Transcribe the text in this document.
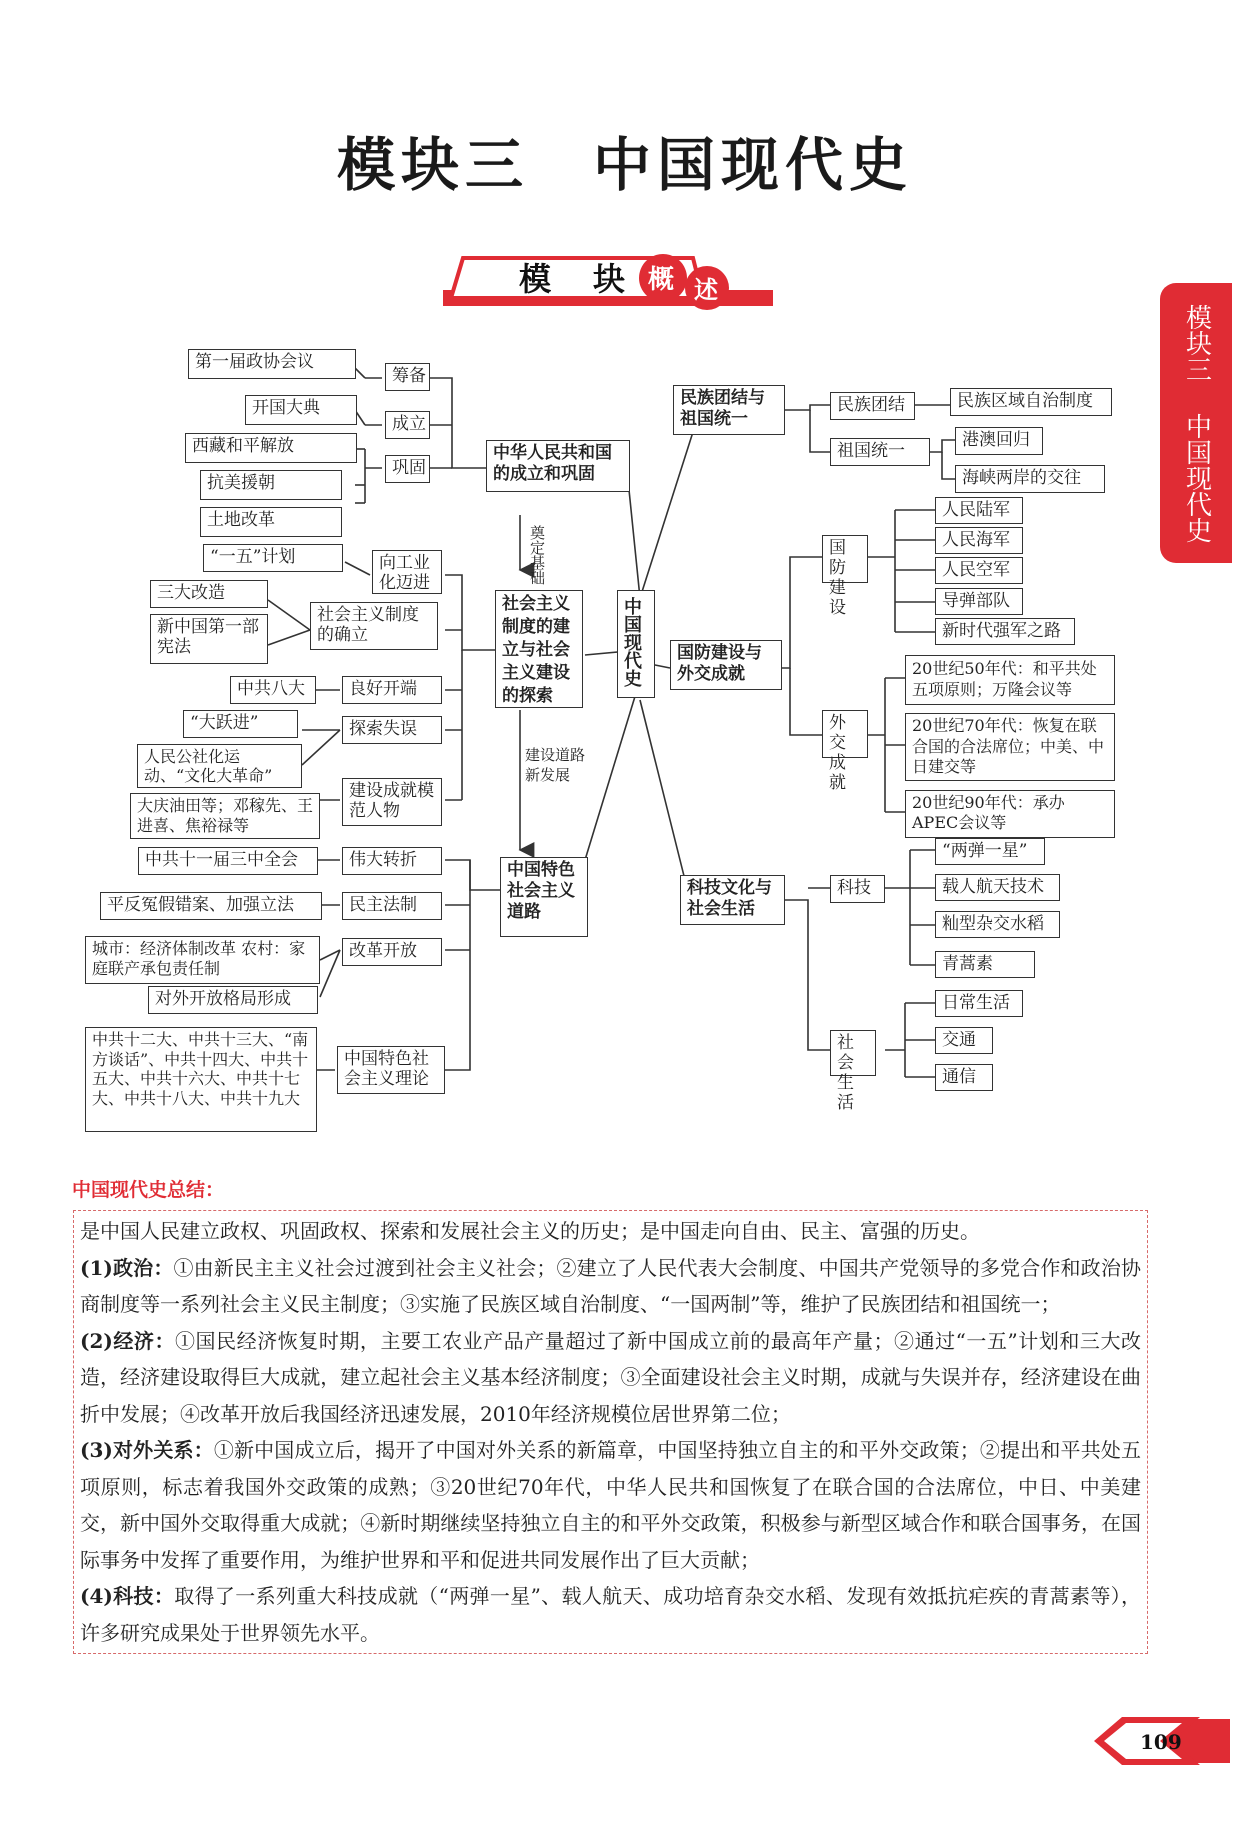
模块三　中国现代史
模 块 概 述
模块三
中国现代史
中国现代史
中华人民共和国的成立和巩固
社会主义制度的建立与社会主义建设的探索
中国特色社会主义道路
奠定基础
建设道路新发展
筹备
成立
巩固
第一届政协会议
开国大典
西藏和平解放
抗美援朝
土地改革
向工业化迈进
社会主义制度的确立
良好开端
探索失误
建设成就模范人物
“一五”计划
三大改造
新中国第一部宪法
中共八大
“大跃进”
人民公社化运动、“文化大革命”
大庆油田等；邓稼先、王进喜、焦裕禄等
伟大转折
民主法制
改革开放
中国特色社会主义理论
中共十一届三中全会
平反冤假错案、加强立法
城市：经济体制改革 农村：家庭联产承包责任制
对外开放格局形成
中共十二大、中共十三大、“南方谈话”、中共十四大、中共十五大、中共十六大、中共十七大、中共十八大、中共十九大
民族团结与祖国统一
国防建设与外交成就
科技文化与社会生活
民族团结
祖国统一
民族区域自治制度
港澳回归
海峡两岸的交往
国防建设
外交成就
人民陆军
人民海军
人民空军
导弹部队
新时代强军之路
20世纪50年代：和平共处五项原则；万隆会议等
20世纪70年代：恢复在联合国的合法席位；中美、中日建交等
20世纪90年代：承办APEC会议等
科技
社会生活
“两弹一星”
载人航天技术
籼型杂交水稻
青蒿素
日常生活
交通
通信
中国现代史总结：

是中国人民建立政权、巩固政权、探索和发展社会主义的历史；是中国走向自由、民主、富强的历史。

(1)政治：①由新民主主义社会过渡到社会主义社会；②建立了人民代表大会制度、中国共产党领导的多党合作和政治协商制度等一系列社会主义民主制度；③实施了民族区域自治制度、“一国两制”等，维护了民族团结和祖国统一；

(2)经济：①国民经济恢复时期，主要工农业产品产量超过了新中国成立前的最高年产量；②通过“一五”计划和三大改造，经济建设取得巨大成就，建立起社会主义基本经济制度；③全面建设社会主义时期，成就与失误并存，经济建设在曲折中发展；④改革开放后我国经济迅速发展，2010年经济规模位居世界第二位；

(3)对外关系：①新中国成立后，揭开了中国对外关系的新篇章，中国坚持独立自主的和平外交政策；②提出和平共处五项原则，标志着我国外交政策的成熟；③20世纪70年代，中华人民共和国恢复了在联合国的合法席位，中日、中美建交，新中国外交取得重大成就；④新时期继续坚持独立自主的和平外交政策，积极参与新型区域合作和联合国事务，在国际事务中发挥了重要作用，为维护世界和平和促进共同发展作出了巨大贡献；

(4)科技：取得了一系列重大科技成就（“两弹一星”、载人航天、成功培育杂交水稻、发现有效抵抗疟疾的青蒿素等），许多研究成果处于世界领先水平。

109
